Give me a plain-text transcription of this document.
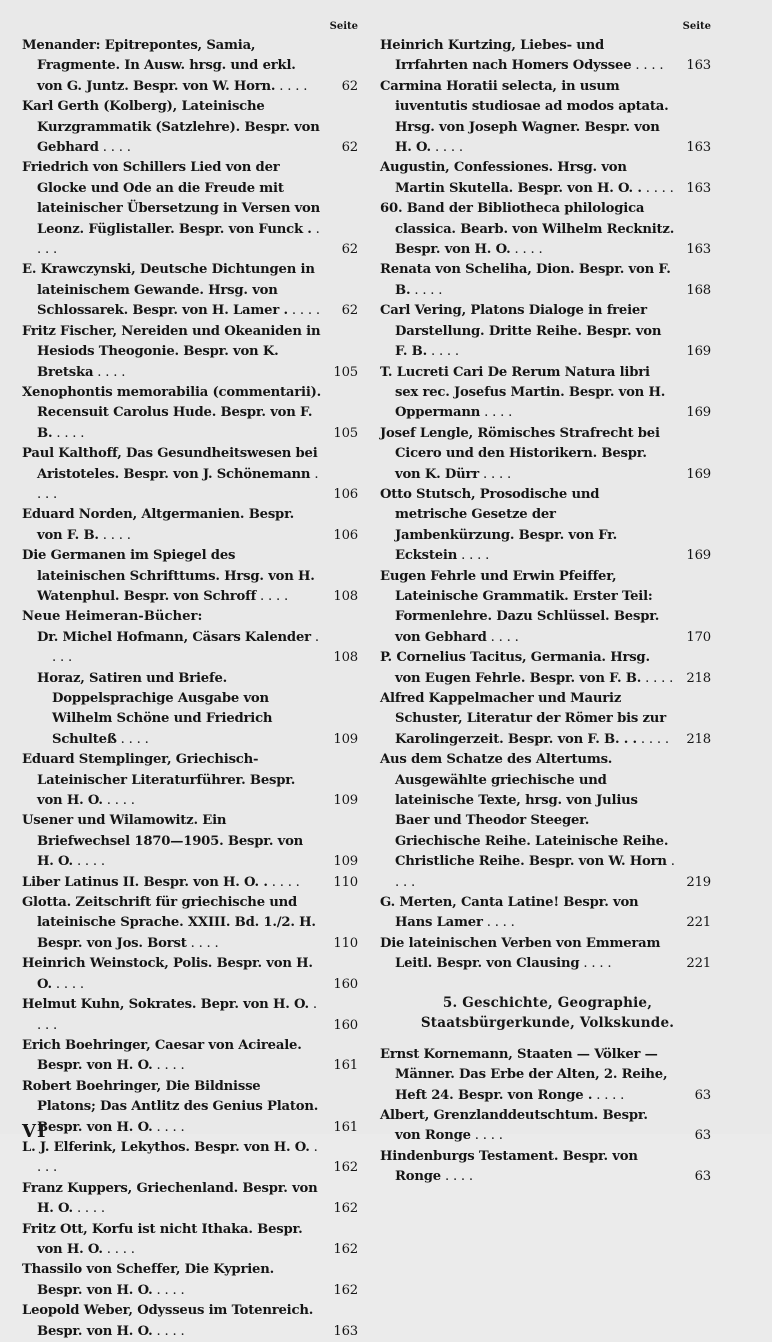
Seite
Menander: Epitrepontes, Samia, Fragmente. In Ausw. hrsg. und erkl. von G. Juntz. Bespr. von W. Horn. . . . .	62
Karl Gerth (Kolberg), Lateinische Kurzgrammatik (Satzlehre). Bespr. von Gebhard . . . .	62
Friedrich von Schillers Lied von der Glocke und Ode an die Freude mit lateinischer Übersetzung in Versen von Leonz. Füglistaller. Bespr. von Funck . . . . .	62
E. Krawczynski, Deutsche Dichtungen in lateinischem Gewande. Hrsg. von Schlossarek. Bespr. von H. Lamer . . . . . 62
Fritz Fischer, Nereiden und Okeaniden in Hesiods Theogonie. Bespr. von K. Bretska . . . .	105
Xenophontis memorabilia (commentarii). Recensuit Carolus Hude. Bespr. von F. B. . . . .	105
Paul Kalthoff, Das Gesundheitswesen bei Aristoteles. Bespr. von J. Schönemann . . . .	106
Eduard Norden, Altgermanien. Bespr. von F. B. . . . .	106
Die Germanen im Spiegel des lateinischen Schrifttums. Hrsg. von H. Watenphul. Bespr. von Schroff . . . .	108
Neue Heimeran-Bücher:
Dr. Michel Hofmann, Cäsars Kalender . . . .	108
Horaz, Satiren und Briefe. Doppelsprachige Ausgabe von Wilhelm Schöne und Friedrich Schulteß . . . .	109
Eduard Stemplinger, Griechisch-Lateinischer Literaturführer. Bespr. von H. O. . . . .	109
Usener und Wilamowitz. Ein Briefwechsel 1870—1905. Bespr. von H. O. . . . .	109
Liber Latinus II. Bespr. von H. O. . . . . .	110
Glotta. Zeitschrift für griechische und lateinische Sprache. XXIII. Bd. 1./2. H. Bespr. von Jos. Borst . . . .	110
Heinrich Weinstock, Polis. Bespr. von H. O. . . . .	160
Helmut Kuhn, Sokrates. Bepr. von H. O. . . . .	160
Erich Boehringer, Caesar von Acireale. Bespr. von H. O. . . . .	161
Robert Boehringer, Die Bildnisse Platons; Das Antlitz des Genius Platon. Bespr. von H. O. . . . .	161
L. J. Elferink, Lekythos. Bespr. von H. O. . . . .	162
Franz Kuppers, Griechenland. Bespr. von H. O. . . . .	162
Fritz Ott, Korfu ist nicht Ithaka. Bespr. von H. O. . . . .	162
Thassilo von Scheffer, Die Kyprien. Bespr. von H. O. . . . .	162
Leopold Weber, Odysseus im Totenreich. Bespr. von H. O. . . . .	163
Seite
Heinrich Kurtzing, Liebes- und Irrfahrten nach Homers Odyssee . . . . 163
Carmina Horatii selecta, in usum iuventutis studiosae ad modos aptata. Hrsg. von Joseph Wagner. Bespr. von H. O. . . . .	163
Augustin, Confessiones. Hrsg. von Martin Skutella. Bespr. von H. O. . . . . . 163
60. Band der Bibliotheca philologica classica. Bearb. von Wilhelm Recknitz. Bespr. von H. O. . . . .	163
Renata von Scheliha, Dion. Bespr. von F. B. . . . .	168
Carl Vering, Platons Dialoge in freier Darstellung. Dritte Reihe. Bespr. von F. B. . . . .	169
T. Lucreti Cari De Rerum Natura libri sex rec. Josefus Martin. Bespr. von H. Oppermann . . . .	169
Josef Lengle, Römisches Strafrecht bei Cicero und den Historikern. Bespr. von K. Dürr . . . .	169
Otto Stutsch, Prosodische und metrische Gesetze der Jambenkürzung. Bespr. von Fr. Eckstein . . . .	169
Eugen Fehrle und Erwin Pfeiffer, Lateinische Grammatik. Erster Teil: Formenlehre. Dazu Schlüssel. Bespr. von Gebhard . . . .	170
P. Cornelius Tacitus, Germania. Hrsg. von Eugen Fehrle. Bespr. von F. B. . . . . 218
Alfred Kappelmacher und Mauriz Schuster, Literatur der Römer bis zur Karolingerzeit. Bespr. von F. B. . . . . . . 218
Aus dem Schatze des Altertums. Ausgewählte griechische und lateinische Texte, hrsg. von Julius Baer und Theodor Steeger. Griechische Reihe. Lateinische Reihe. Christliche Reihe. Bespr. von W. Horn . . . .	219
G. Merten, Canta Latine! Bespr. von Hans Lamer . . . .	221
Die lateinischen Verben von Emmeram Leitl. Bespr. von Clausing . . . .	221
5. Geschichte, Geographie, Staatsbürgerkunde, Volkskunde.
Ernst Kornemann, Staaten — Völker — Männer. Das Erbe der Alten, 2. Reihe, Heft 24. Bespr. von Ronge . . . . .	63
Albert, Grenzlanddeutschtum. Bespr. von Ronge . . . .	63
Hindenburgs Testament. Bespr. von Ronge . . . .	63
VI
